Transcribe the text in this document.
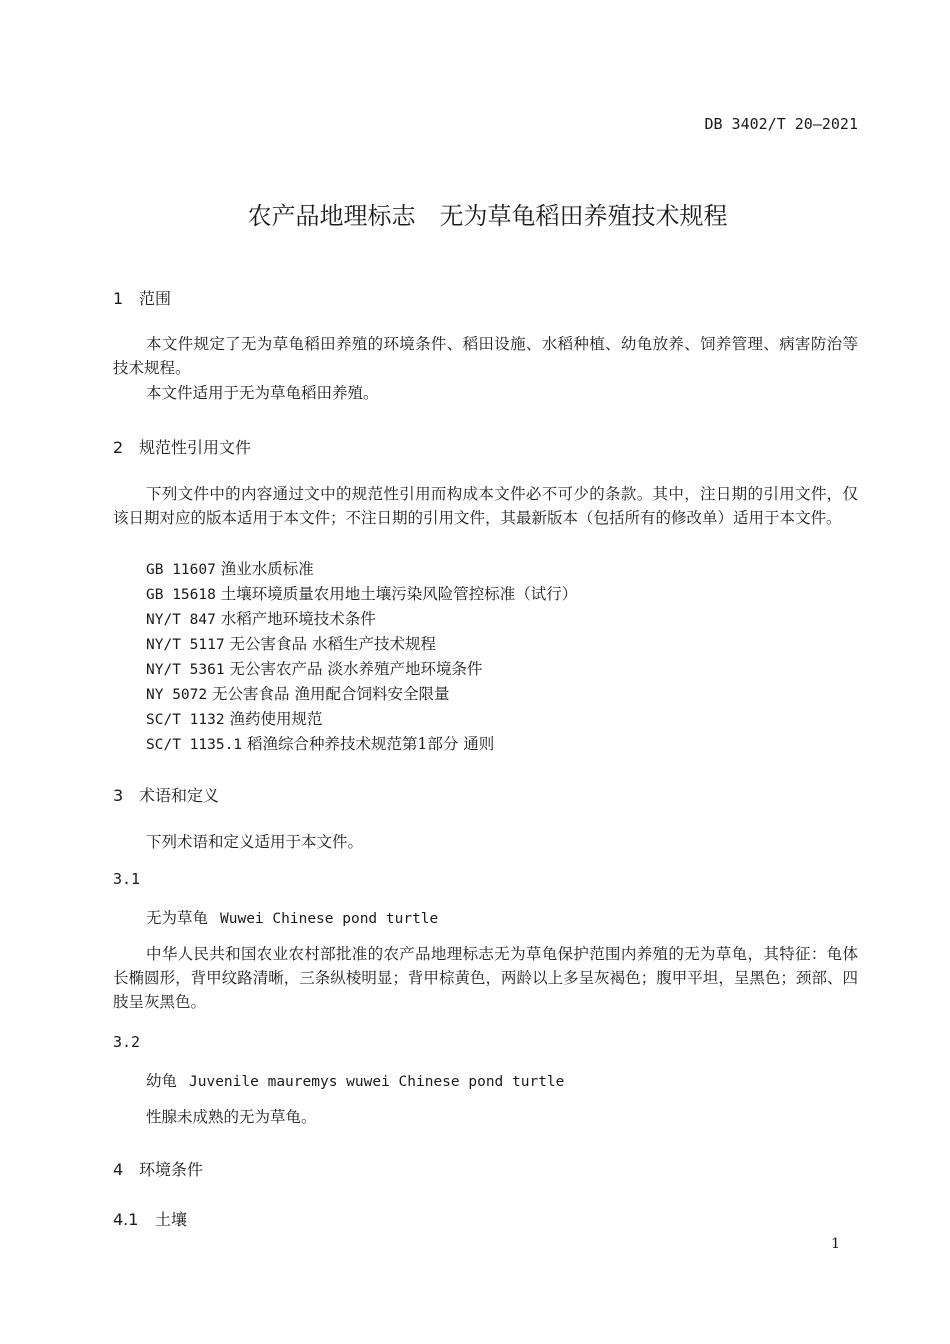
DB 3402/T 20—2021
农产品地理标志　无为草龟稻田养殖技术规程
1 范围
本文件规定了无为草龟稻田养殖的环境条件、稻田设施、水稻种植、幼龟放养、饲养管理、病害防治等技术规程。
本文件适用于无为草龟稻田养殖。
2 规范性引用文件
下列文件中的内容通过文中的规范性引用而构成本文件必不可少的条款。其中，注日期的引用文件，仅该日期对应的版本适用于本文件；不注日期的引用文件，其最新版本（包括所有的修改单）适用于本文件。
GB 11607 渔业水质标准
GB 15618 土壤环境质量农用地土壤污染风险管控标准（试行）
NY/T 847 水稻产地环境技术条件
NY/T 5117 无公害食品 水稻生产技术规程
NY/T 5361 无公害农产品 淡水养殖产地环境条件
NY 5072 无公害食品 渔用配合饲料安全限量
SC/T 1132 渔药使用规范
SC/T 1135.1 稻渔综合种养技术规范第1部分 通则
3 术语和定义
下列术语和定义适用于本文件。
3.1
无为草龟 Wuwei Chinese pond turtle
中华人民共和国农业农村部批准的农产品地理标志无为草龟保护范围内养殖的无为草龟，其特征：龟体长椭圆形，背甲纹路清晰，三条纵棱明显；背甲棕黄色，两龄以上多呈灰褐色；腹甲平坦，呈黑色；颈部、四肢呈灰黑色。
3.2
幼龟 Juvenile mauremys wuwei Chinese pond turtle
性腺未成熟的无为草龟。
4 环境条件
4.1 土壤
1
